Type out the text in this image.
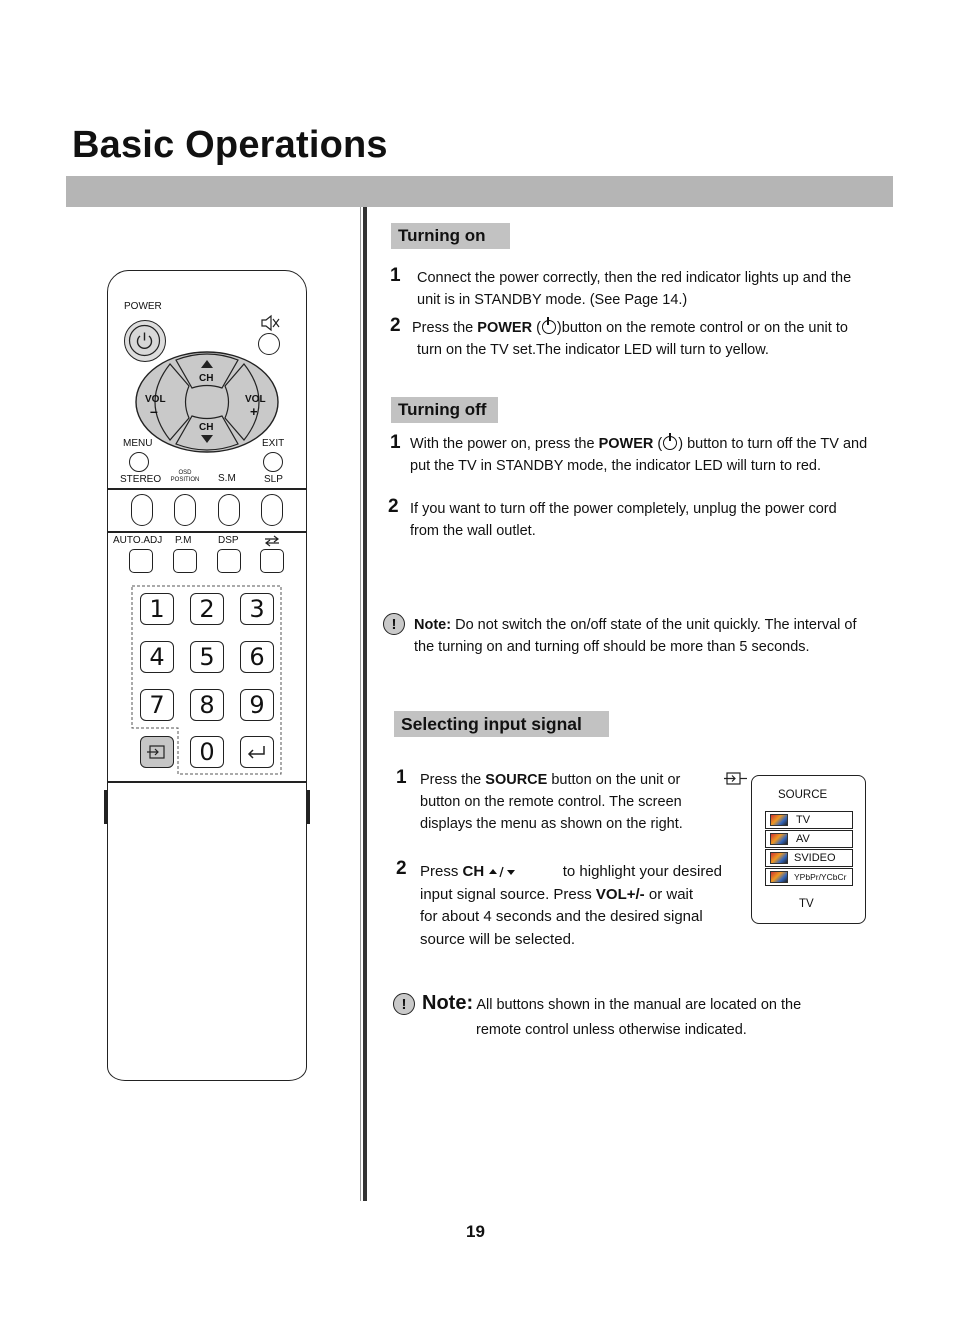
Basic Operations
POWER
CH
CH
VOL
–
VOL
+
MENU	EXIT
STEREO
OSD
POSITION S.M	SLP
AUTO.ADJ P.M	DSP
1	2	3
4	5	6
7	8	9
0
Turning on
1 Connect the power correctly, then the red indicator lights up and the
unit is in STANDBY mode. (See Page 14.)
2 Press the POWER ( )button on the remote control or on the unit to
turn on the TV set.The indicator LED will turn to yellow.
Turning off
1 With the power on, press the POWER ( ) button to turn off the TV and
put the TV in STANDBY mode, the indicator LED will turn to red.
2 If you want to turn off the power completely, unplug the power cord
from the wall outlet.
!	Note: Do not switch the on/off state of the unit quickly. The interval of
the turning on and turning off should be more than 5 seconds.
Selecting input signal
1 Press the SOURCE button on the unit or
button on the remote control. The screen
displays the menu as shown on the right.
2 Press CH	to highlight your desired
input signal source. Press VOL+/- or wait
for about 4 seconds and the desired signal
source will be selected.
SOURCE
TV
AV
SVIDEO
YPbPr/YCbCr
TV
! Note: All buttons shown in the manual are located on the
remote control unless otherwise indicated.
19
